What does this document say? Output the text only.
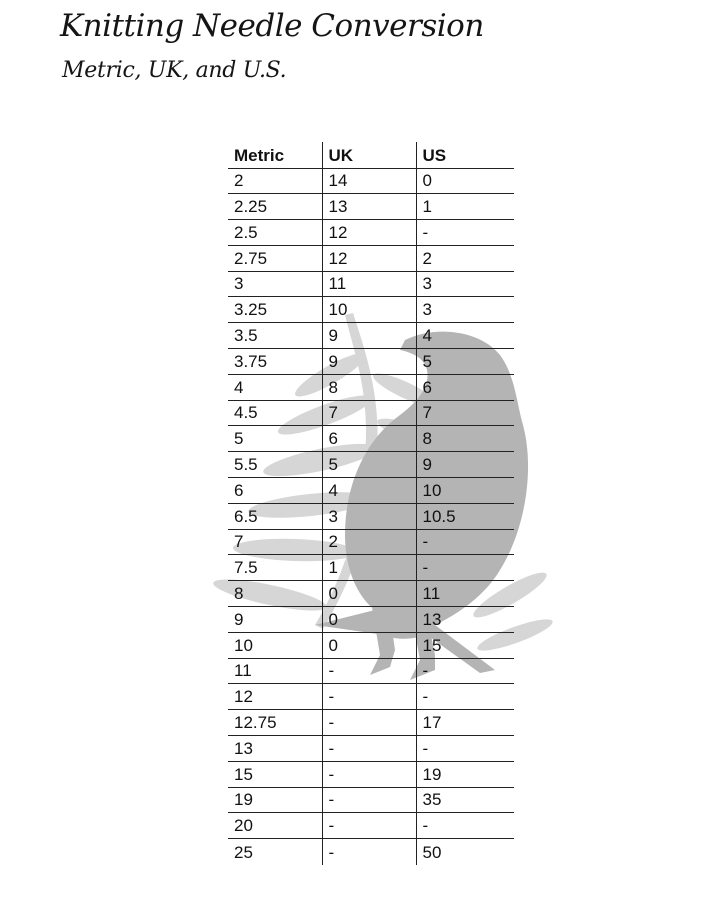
Knitting Needle Conversion
Metric, UK, and U.S.
Metric	UK	US
2	14	0
2.25	13	1
2.5	12	-
2.75	12	2
3	11	3
3.25	10	3
3.5	9	4
3.75	9	5
4	8	6
4.5	7	7
5	6	8
5.5	5	9
6	4	10
6.5	3	10.5
7	2	-
7.5	1	-
8	0	11
9	0	13
10	0	15
11	-	-
12	-	-
12.75	-	17
13	-	-
15	-	19
19	-	35
20	-	-
25	-	50
